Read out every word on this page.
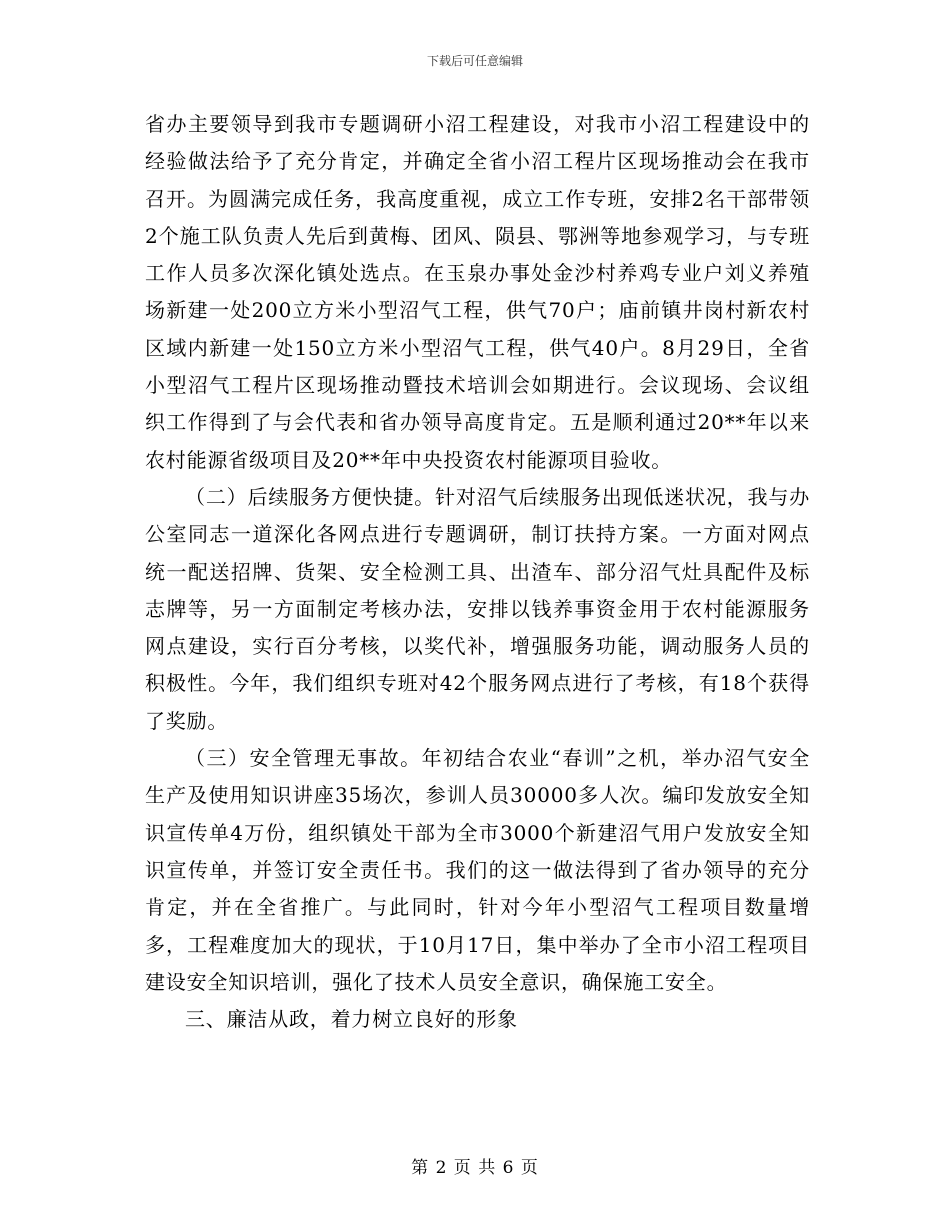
下载后可任意编辑

省办主要领导到我市专题调研小沼工程建设，对我市小沼工程建设中的经验做法给予了充分肯定，并确定全省小沼工程片区现场推动会在我市召开。为圆满完成任务，我高度重视，成立工作专班，安排2名干部带领2个施工队负责人先后到黄梅、团风、陨县、鄂洲等地参观学习，与专班工作人员多次深化镇处选点。在玉泉办事处金沙村养鸡专业户刘义养殖场新建一处200立方米小型沼气工程，供气70户；庙前镇井岗村新农村区域内新建一处150立方米小型沼气工程，供气40户。8月29日，全省小型沼气工程片区现场推动暨技术培训会如期进行。会议现场、会议组织工作得到了与会代表和省办领导高度肯定。五是顺利通过20**年以来农村能源省级项目及20**年中央投资农村能源项目验收。

（二）后续服务方便快捷。针对沼气后续服务出现低迷状况，我与办公室同志一道深化各网点进行专题调研，制订扶持方案。一方面对网点统一配送招牌、货架、安全检测工具、出渣车、部分沼气灶具配件及标志牌等，另一方面制定考核办法，安排以钱养事资金用于农村能源服务网点建设，实行百分考核，以奖代补，增强服务功能，调动服务人员的积极性。今年，我们组织专班对42个服务网点进行了考核，有18个获得了奖励。

（三）安全管理无事故。年初结合农业“春训”之机，举办沼气安全生产及使用知识讲座35场次，参训人员30000多人次。编印发放安全知识宣传单4万份，组织镇处干部为全市3000个新建沼气用户发放安全知识宣传单，并签订安全责任书。我们的这一做法得到了省办领导的充分肯定，并在全省推广。与此同时，针对今年小型沼气工程项目数量增多，工程难度加大的现状，于10月17日，集中举办了全市小沼工程项目建设安全知识培训，强化了技术人员安全意识，确保施工安全。

三、廉洁从政，着力树立良好的形象

第 2 页 共 6 页
